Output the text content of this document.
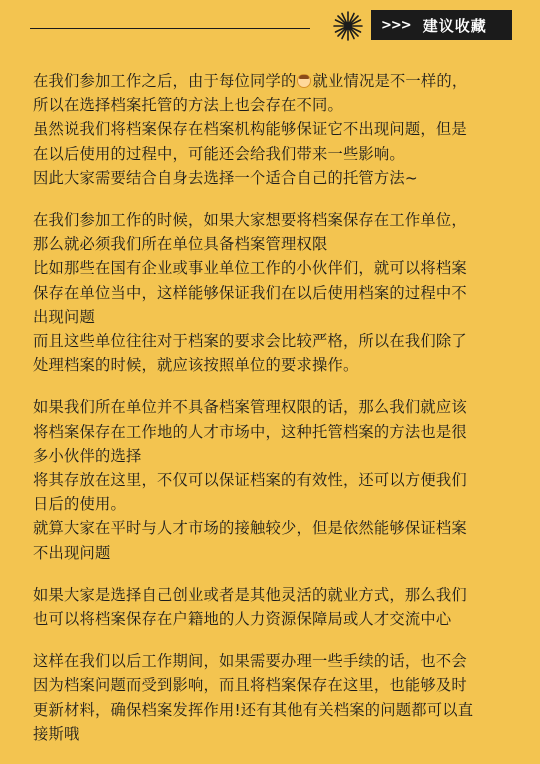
>>> 建议收藏
在我们参加工作之后，由于每位同学的 就业情况是不一样的，
所以在选择档案托管的方法上也会存在不同。
虽然说我们将档案保存在档案机构能够保证它不出现问题，但是
在以后使用的过程中，可能还会给我们带来一些影响。
因此大家需要结合自身去选择一个适合自己的托管方法~
在我们参加工作的时候，如果大家想要将档案保存在工作单位，
那么就必须我们所在单位具备档案管理权限
比如那些在国有企业或事业单位工作的小伙伴们，就可以将档案
保存在单位当中，这样能够保证我们在以后使用档案的过程中不
出现问题
而且这些单位往往对于档案的要求会比较严格，所以在我们除了
处理档案的时候，就应该按照单位的要求操作。
如果我们所在单位并不具备档案管理权限的话，那么我们就应该
将档案保存在工作地的人才市场中，这种托管档案的方法也是很
多小伙伴的选择
将其存放在这里，不仅可以保证档案的有效性，还可以方便我们
日后的使用。
就算大家在平时与人才市场的接触较少，但是依然能够保证档案
不出现问题
如果大家是选择自己创业或者是其他灵活的就业方式，那么我们
也可以将档案保存在户籍地的人力资源保障局或人才交流中心
这样在我们以后工作期间，如果需要办理一些手续的话，也不会
因为档案问题而受到影响，而且将档案保存在这里，也能够及时
更新材料，确保档案发挥作用!还有其他有关档案的问题都可以直
接斯哦
